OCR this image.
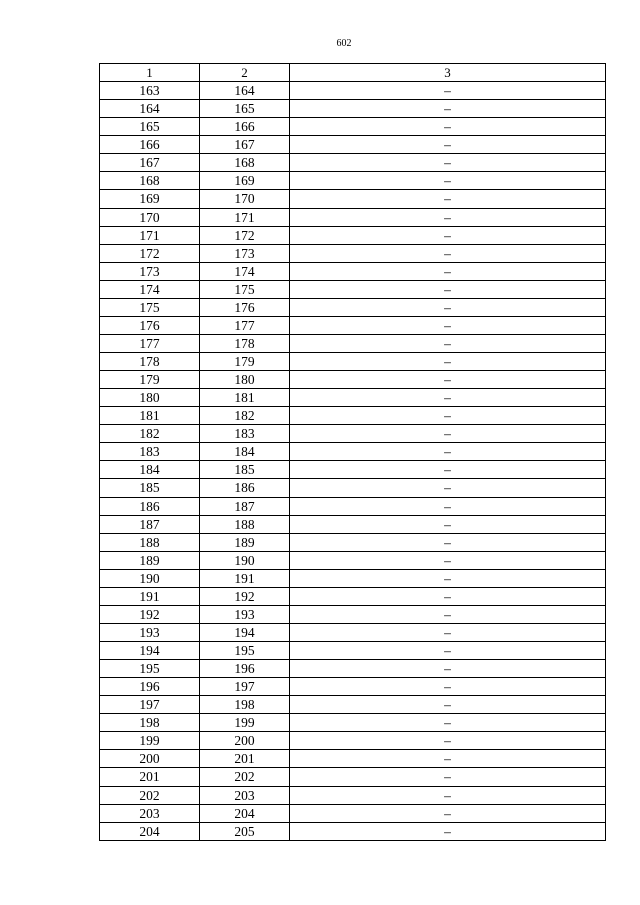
602
1	2	3
163	164	–
164	165	–
165	166	–
166	167	–
167	168	–
168	169	–
169	170	–
170	171	–
171	172	–
172	173	–
173	174	–
174	175	–
175	176	–
176	177	–
177	178	–
178	179	–
179	180	–
180	181	–
181	182	–
182	183	–
183	184	–
184	185	–
185	186	–
186	187	–
187	188	–
188	189	–
189	190	–
190	191	–
191	192	–
192	193	–
193	194	–
194	195	–
195	196	–
196	197	–
197	198	–
198	199	–
199	200	–
200	201	–
201	202	–
202	203	–
203	204	–
204	205	–
